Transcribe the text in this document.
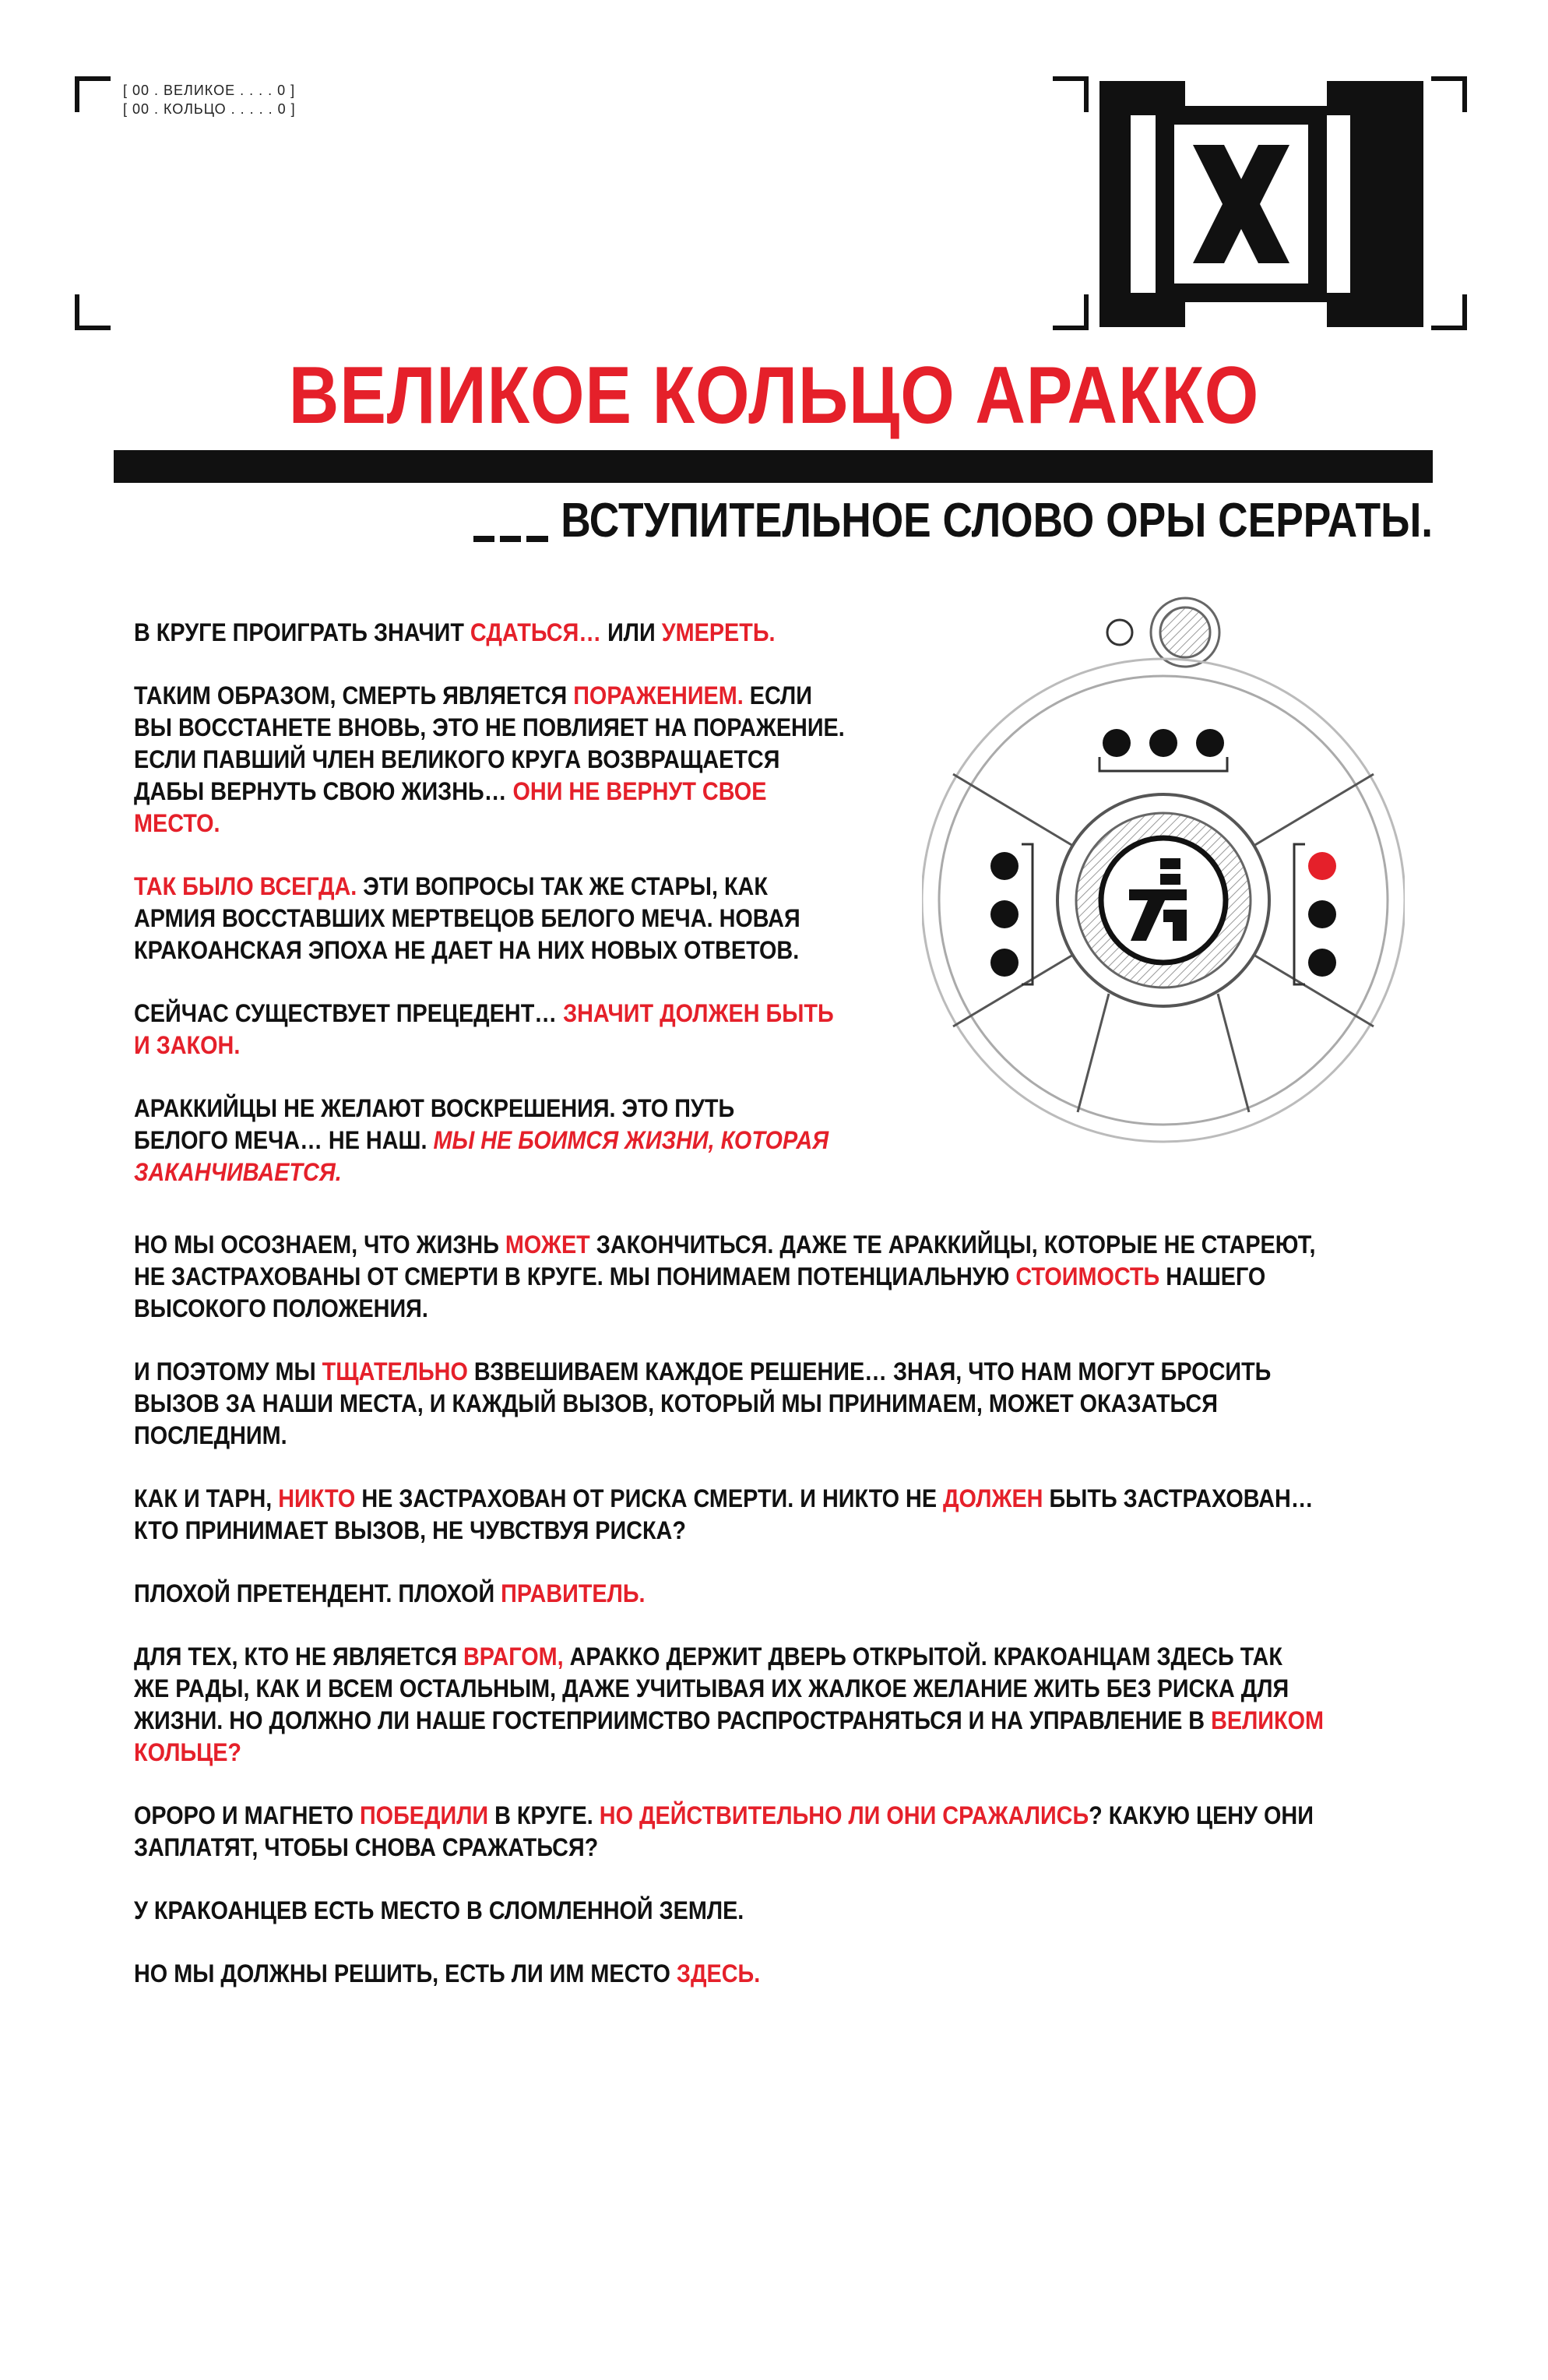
[ 00 . ВЕЛИКОЕ . . . . 0 ]
[ 00 . КОЛЬЦО . . . . . 0 ]
ВЕЛИКОЕ КОЛЬЦО АРАККО
ВСТУПИТЕЛЬНОЕ СЛОВО ОРЫ СЕРРАТЫ.

В КРУГЕ ПРОИГРАТЬ ЗНАЧИТ СДАТЬСЯ… ИЛИ УМЕРЕТЬ.

ТАКИМ ОБРАЗОМ, СМЕРТЬ ЯВЛЯЕТСЯ ПОРАЖЕНИЕМ. ЕСЛИ
ВЫ ВОССТАНЕТЕ ВНОВЬ, ЭТО НЕ ПОВЛИЯЕТ НА ПОРАЖЕНИЕ.
ЕСЛИ ПАВШИЙ ЧЛЕН ВЕЛИКОГО КРУГА ВОЗВРАЩАЕТСЯ
ДАБЫ ВЕРНУТЬ СВОЮ ЖИЗНЬ… ОНИ НЕ ВЕРНУТ СВОЕ
МЕСТО.

ТАК БЫЛО ВСЕГДА. ЭТИ ВОПРОСЫ ТАК ЖЕ СТАРЫ, КАК
АРМИЯ ВОССТАВШИХ МЕРТВЕЦОВ БЕЛОГО МЕЧА. НОВАЯ
КРАКОАНСКАЯ ЭПОХА НЕ ДАЕТ НА НИХ НОВЫХ ОТВЕТОВ.

СЕЙЧАС СУЩЕСТВУЕТ ПРЕЦЕДЕНТ… ЗНАЧИТ ДОЛЖЕН БЫТЬ
И ЗАКОН.

АРАККИЙЦЫ НЕ ЖЕЛАЮТ ВОСКРЕШЕНИЯ. ЭТО ПУТЬ
БЕЛОГО МЕЧА… НЕ НАШ. МЫ НЕ БОИМСЯ ЖИЗНИ, КОТОРАЯ
ЗАКАНЧИВАЕТСЯ.

НО МЫ ОСОЗНАЕМ, ЧТО ЖИЗНЬ МОЖЕТ ЗАКОНЧИТЬСЯ. ДАЖЕ ТЕ АРАККИЙЦЫ, КОТОРЫЕ НЕ СТАРЕЮТ,
НЕ ЗАСТРАХОВАНЫ ОТ СМЕРТИ В КРУГЕ. МЫ ПОНИМАЕМ ПОТЕНЦИАЛЬНУЮ СТОИМОСТЬ НАШЕГО
ВЫСОКОГО ПОЛОЖЕНИЯ.

И ПОЭТОМУ МЫ ТЩАТЕЛЬНО ВЗВЕШИВАЕМ КАЖДОЕ РЕШЕНИЕ… ЗНАЯ, ЧТО НАМ МОГУТ БРОСИТЬ
ВЫЗОВ ЗА НАШИ МЕСТА, И КАЖДЫЙ ВЫЗОВ, КОТОРЫЙ МЫ ПРИНИМАЕМ, МОЖЕТ ОКАЗАТЬСЯ
ПОСЛЕДНИМ.

КАК И ТАРН, НИКТО НЕ ЗАСТРАХОВАН ОТ РИСКА СМЕРТИ. И НИКТО НЕ ДОЛЖЕН БЫТЬ ЗАСТРАХОВАН…
КТО ПРИНИМАЕТ ВЫЗОВ, НЕ ЧУВСТВУЯ РИСКА?

ПЛОХОЙ ПРЕТЕНДЕНТ. ПЛОХОЙ ПРАВИТЕЛЬ.

ДЛЯ ТЕХ, КТО НЕ ЯВЛЯЕТСЯ ВРАГОМ, АРАККО ДЕРЖИТ ДВЕРЬ ОТКРЫТОЙ. КРАКОАНЦАМ ЗДЕСЬ ТАК
ЖЕ РАДЫ, КАК И ВСЕМ ОСТАЛЬНЫМ, ДАЖЕ УЧИТЫВАЯ ИХ ЖАЛКОЕ ЖЕЛАНИЕ ЖИТЬ БЕЗ РИСКА ДЛЯ
ЖИЗНИ. НО ДОЛЖНО ЛИ НАШЕ ГОСТЕПРИИМСТВО РАСПРОСТРАНЯТЬСЯ И НА УПРАВЛЕНИЕ В ВЕЛИКОМ
КОЛЬЦЕ?

ОРОРО И МАГНЕТО ПОБЕДИЛИ В КРУГЕ. НО ДЕЙСТВИТЕЛЬНО ЛИ ОНИ СРАЖАЛИСЬ? КАКУЮ ЦЕНУ ОНИ
ЗАПЛАТЯТ, ЧТОБЫ СНОВА СРАЖАТЬСЯ?

У КРАКОАНЦЕВ ЕСТЬ МЕСТО В СЛОМЛЕННОЙ ЗЕМЛЕ.

НО МЫ ДОЛЖНЫ РЕШИТЬ, ЕСТЬ ЛИ ИМ МЕСТО ЗДЕСЬ.
